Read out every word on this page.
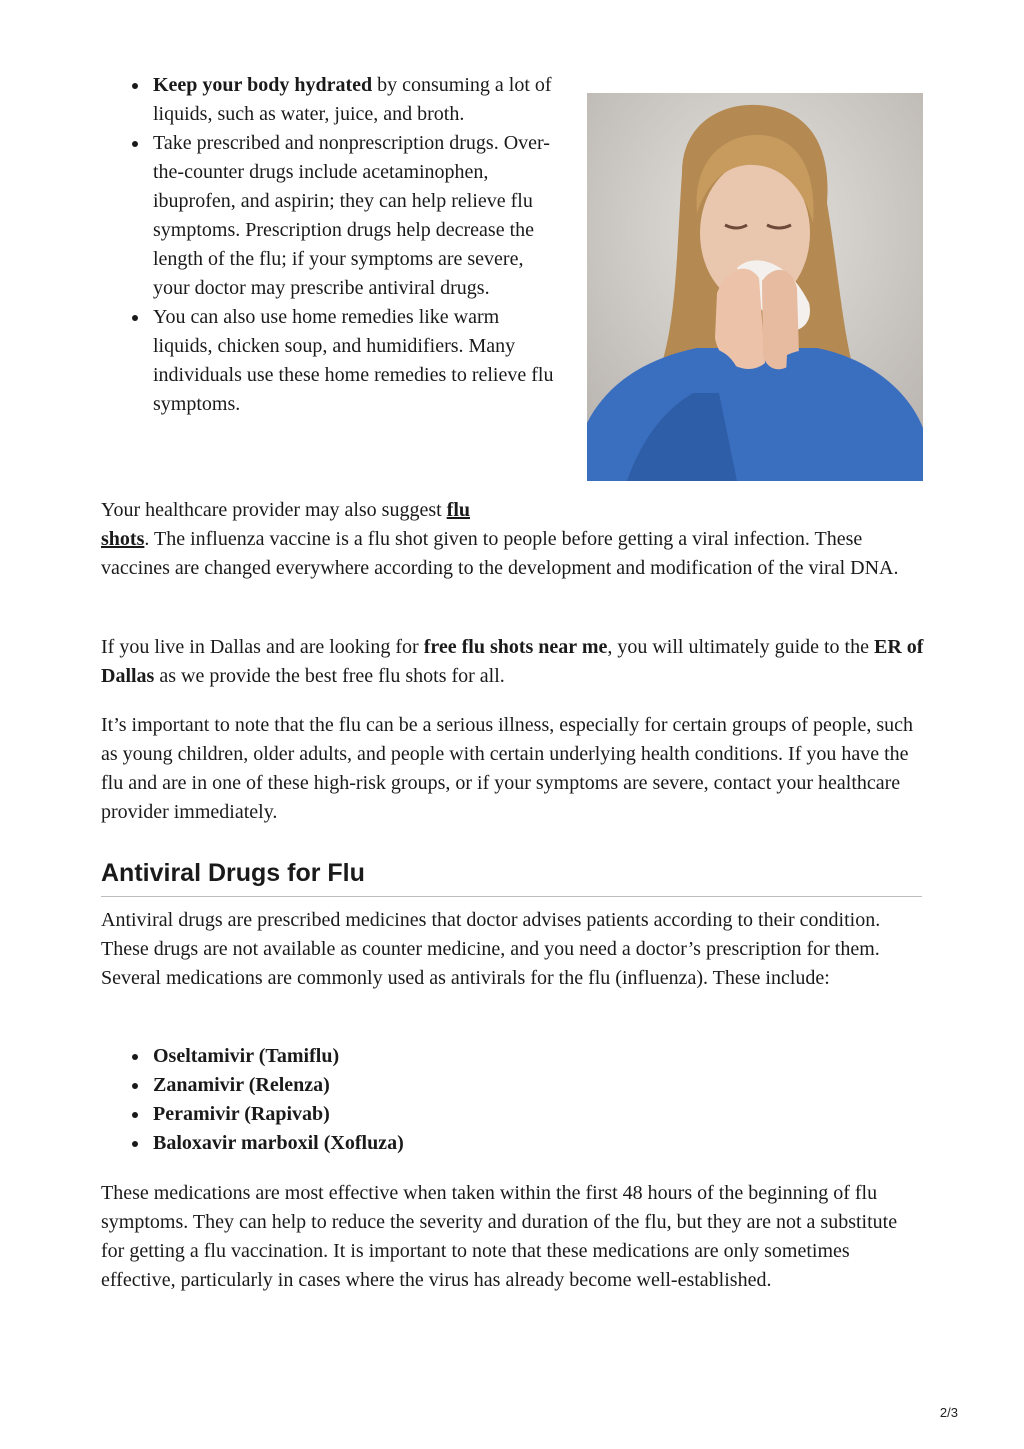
Keep your body hydrated by consuming a lot of liquids, such as water, juice, and broth.
Take prescribed and nonprescription drugs. Over-the-counter drugs include acetaminophen, ibuprofen, and aspirin; they can help relieve flu symptoms. Prescription drugs help decrease the length of the flu; if your symptoms are severe, your doctor may prescribe antiviral drugs.
You can also use home remedies like warm liquids, chicken soup, and humidifiers. Many individuals use these home remedies to relieve flu symptoms.

Your healthcare provider may also suggest flu
shots. The influenza vaccine is a flu shot given to people before getting a viral infection. These vaccines are changed everywhere according to the development and modification of the viral DNA.

If you live in Dallas and are looking for free flu shots near me, you will ultimately guide to the ER of Dallas as we provide the best free flu shots for all.

It’s important to note that the flu can be a serious illness, especially for certain groups of people, such as young children, older adults, and people with certain underlying health conditions. If you have the flu and are in one of these high-risk groups, or if your symptoms are severe, contact your healthcare provider immediately.

Antiviral Drugs for Flu

Antiviral drugs are prescribed medicines that doctor advises patients according to their condition. These drugs are not available as counter medicine, and you need a doctor’s prescription for them. Several medications are commonly used as antivirals for the flu (influenza). These include:

Oseltamivir (Tamiflu)
Zanamivir (Relenza)
Peramivir (Rapivab)
Baloxavir marboxil (Xofluza)

These medications are most effective when taken within the first 48 hours of the beginning of flu symptoms. They can help to reduce the severity and duration of the flu, but they are not a substitute for getting a flu vaccination. It is important to note that these medications are only sometimes effective, particularly in cases where the virus has already become well-established.

2/3
